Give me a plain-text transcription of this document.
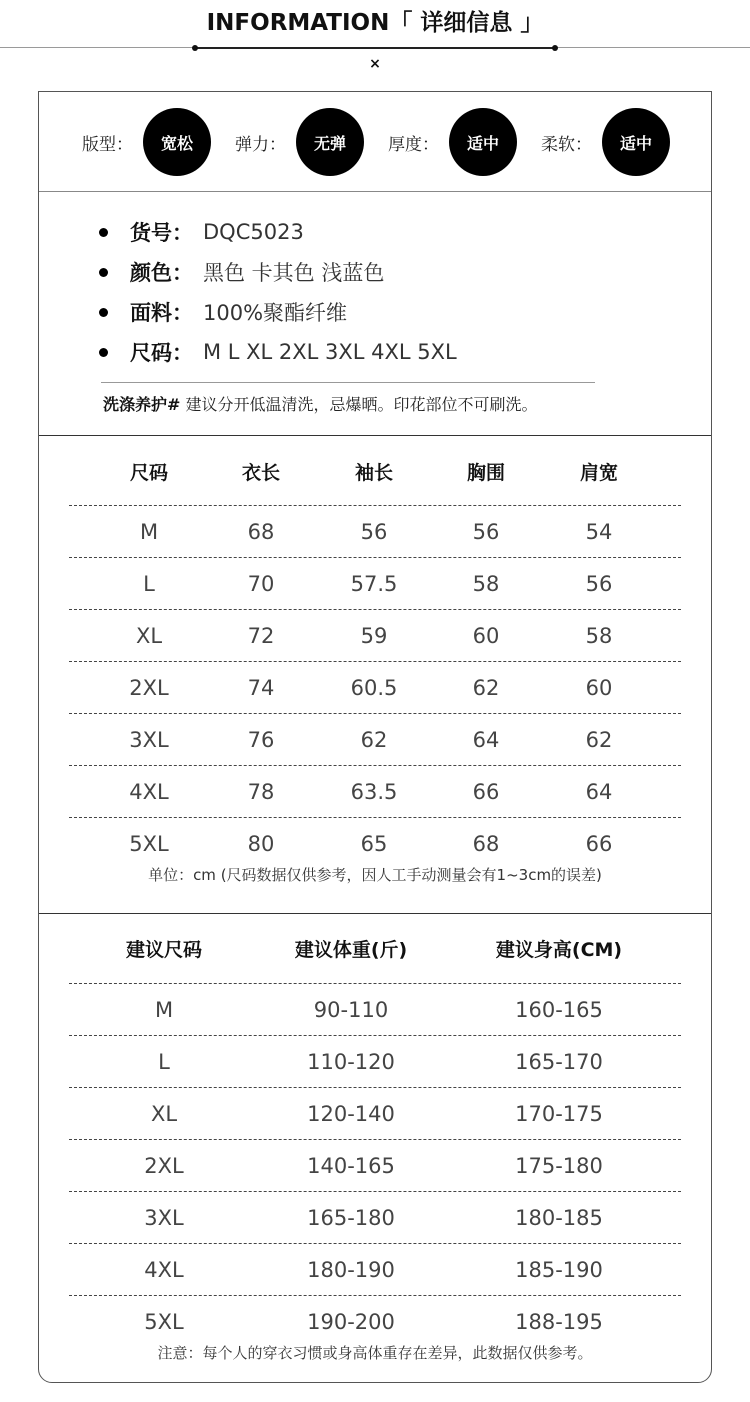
INFORMATION「 详细信息 」
×
版型：	宽松	弹力：	无弹	厚度：	适中	柔软：	适中
货号： DQC5023
颜色： 黑色 卡其色 浅蓝色
面料： 100%聚酯纤维
尺码： M L XL 2XL 3XL 4XL 5XL
洗涤养护# 建议分开低温清洗，忌爆晒。印花部位不可刷洗。
尺码	衣长	袖长	胸围	肩宽
M	68	56	56	54
L	70	57.5	58	56
XL	72	59	60	58
2XL	74	60.5	62	60
3XL	76	62	64	62
4XL	78	63.5	66	64
5XL	80	65	68	66
单位：cm (尺码数据仅供参考，因人工手动测量会有1~3cm的误差)
建议尺码	建议体重(斤)	建议身高(CM)
M	90-110	160-165
L	110-120	165-170
XL	120-140	170-175
2XL	140-165	175-180
3XL	165-180	180-185
4XL	180-190	185-190
5XL	190-200	188-195
注意：每个人的穿衣习惯或身高体重存在差异，此数据仅供参考。
